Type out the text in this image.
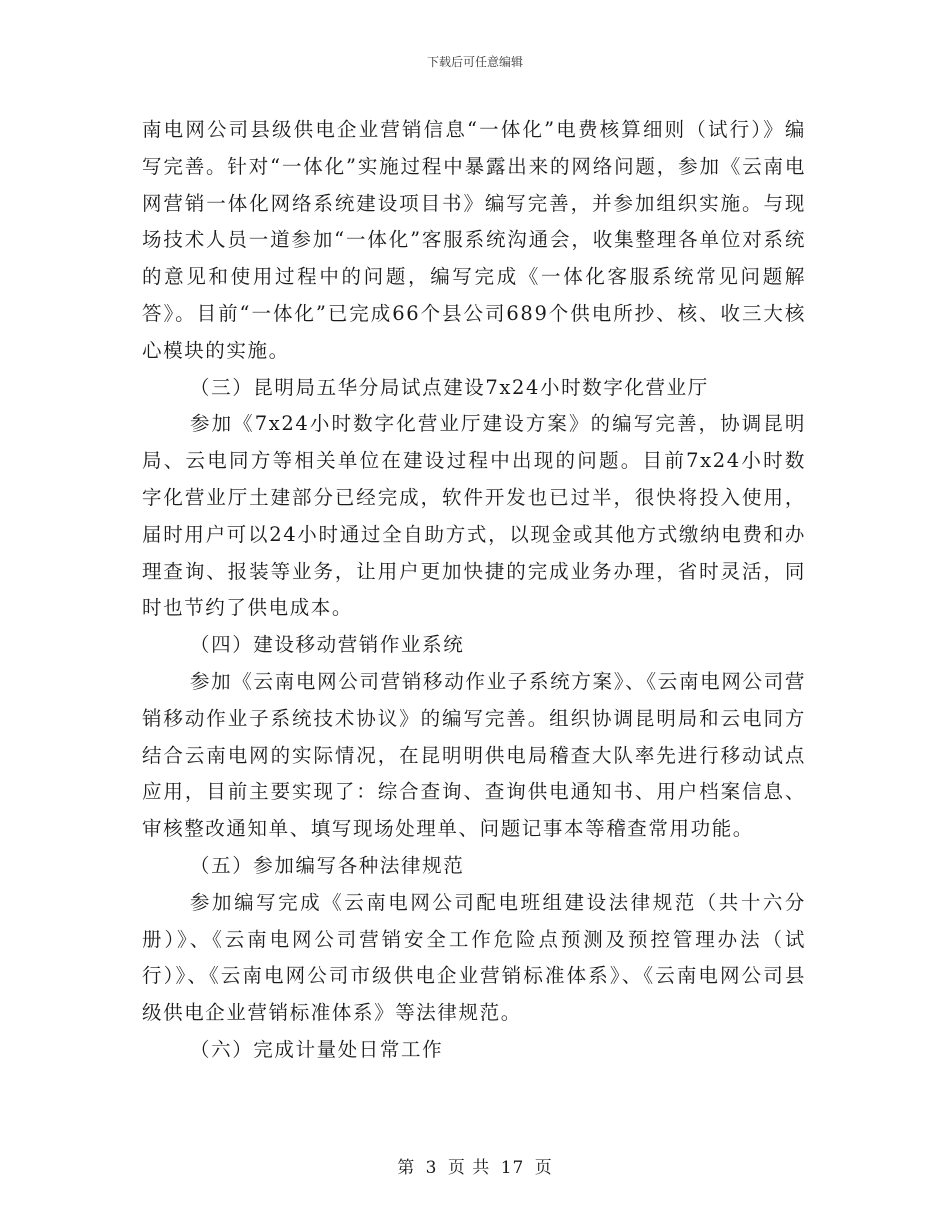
下载后可任意编辑

南电网公司县级供电企业营销信息“一体化”电费核算细则（试行）》编写完善。针对“一体化”实施过程中暴露出来的网络问题，参加《云南电网营销一体化网络系统建设项目书》编写完善，并参加组织实施。与现场技术人员一道参加“一体化”客服系统沟通会，收集整理各单位对系统的意见和使用过程中的问题，编写完成《一体化客服系统常见问题解答》。目前“一体化”已完成66个县公司689个供电所抄、核、收三大核心模块的实施。

（三）昆明局五华分局试点建设7x24小时数字化营业厅

参加《7x24小时数字化营业厅建设方案》的编写完善，协调昆明局、云电同方等相关单位在建设过程中出现的问题。目前7x24小时数字化营业厅土建部分已经完成，软件开发也已过半，很快将投入使用，届时用户可以24小时通过全自助方式，以现金或其他方式缴纳电费和办理查询、报装等业务，让用户更加快捷的完成业务办理，省时灵活，同时也节约了供电成本。

（四）建设移动营销作业系统

参加《云南电网公司营销移动作业子系统方案》、《云南电网公司营销移动作业子系统技术协议》的编写完善。组织协调昆明局和云电同方结合云南电网的实际情况，在昆明明供电局稽查大队率先进行移动试点应用，目前主要实现了：综合查询、查询供电通知书、用户档案信息、审核整改通知单、填写现场处理单、问题记事本等稽查常用功能。

（五）参加编写各种法律规范

参加编写完成《云南电网公司配电班组建设法律规范（共十六分册）》、《云南电网公司营销安全工作危险点预测及预控管理办法（试行）》、《云南电网公司市级供电企业营销标准体系》、《云南电网公司县级供电企业营销标准体系》等法律规范。

（六）完成计量处日常工作

第 3 页 共 17 页
